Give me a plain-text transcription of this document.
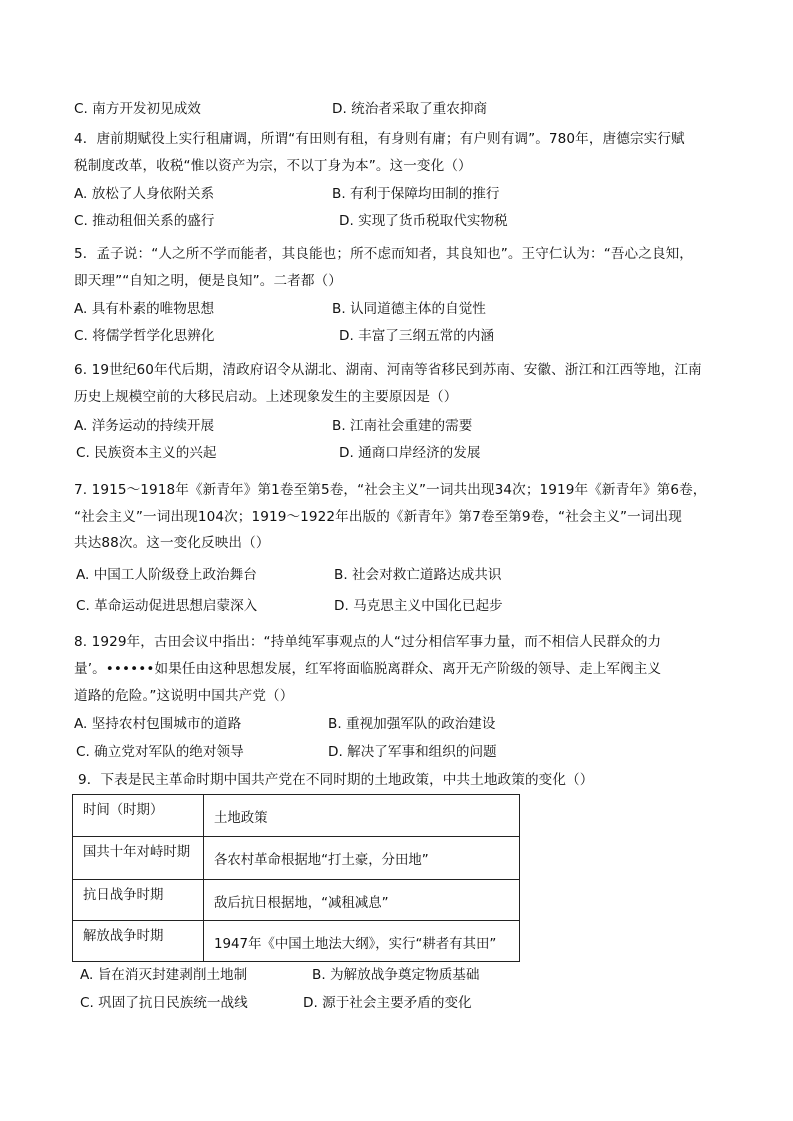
C. 南方开发初见成效	D. 统治者采取了重农抑商
4．唐前期赋役上实行租庸调，所谓“有田则有租，有身则有庸；有户则有调”。780年，唐德宗实行赋
税制度改革，收税“惟以资产为宗，不以丁身为本”。这一变化（）
A. 放松了人身依附关系	B. 有利于保障均田制的推行
C. 推动租佃关系的盛行	D. 实现了货币税取代实物税
5．孟子说：“人之所不学而能者，其良能也；所不虑而知者，其良知也”。王守仁认为：“吾心之良知，
即天理”“自知之明，便是良知”。二者都（）
A. 具有朴素的唯物思想	B. 认同道德主体的自觉性
C. 将儒学哲学化思辨化	D. 丰富了三纲五常的内涵
6. 19世纪60年代后期，清政府诏令从湖北、湖南、河南等省移民到苏南、安徽、浙江和江西等地，江南
历史上规模空前的大移民启动。上述现象发生的主要原因是（）
A. 洋务运动的持续开展	B. 江南社会重建的需要
C. 民族资本主义的兴起	D. 通商口岸经济的发展
7. 1915～1918年《新青年》第1卷至第5卷，“社会主义”一词共出现34次；1919年《新青年》第6卷，
“社会主义”一词出现104次；1919～1922年出版的《新青年》第7卷至第9卷，“社会主义”一词出现
共达88次。这一变化反映出（）
A. 中国工人阶级登上政治舞台	B. 社会对救亡道路达成共识
C. 革命运动促进思想启蒙深入	D. 马克思主义中国化已起步
8. 1929年，古田会议中指出：“持单纯军事观点的人“过分相信军事力量，而不相信人民群众的力
量’。••••••如果任由这种思想发展，红军将面临脱离群众、离开无产阶级的领导、走上军阀主义
道路的危险。”这说明中国共产党（）
A. 坚持农村包围城市的道路	B. 重视加强军队的政治建设
C. 确立党对军队的绝对领导	D. 解决了军事和组织的问题
9．下表是民主革命时期中国共产党在不同时期的土地政策，中共土地政策的变化（）
时间（时期）	土地政策
国共十年对峙时期	各农村革命根据地“打土豪，分田地”
抗日战争时期	敌后抗日根据地，“减租减息”
解放战争时期	1947年《中国土地法大纲》，实行“耕者有其田”
A. 旨在消灭封建剥削土地制	B. 为解放战争奠定物质基础
C. 巩固了抗日民族统一战线	D. 源于社会主要矛盾的变化
